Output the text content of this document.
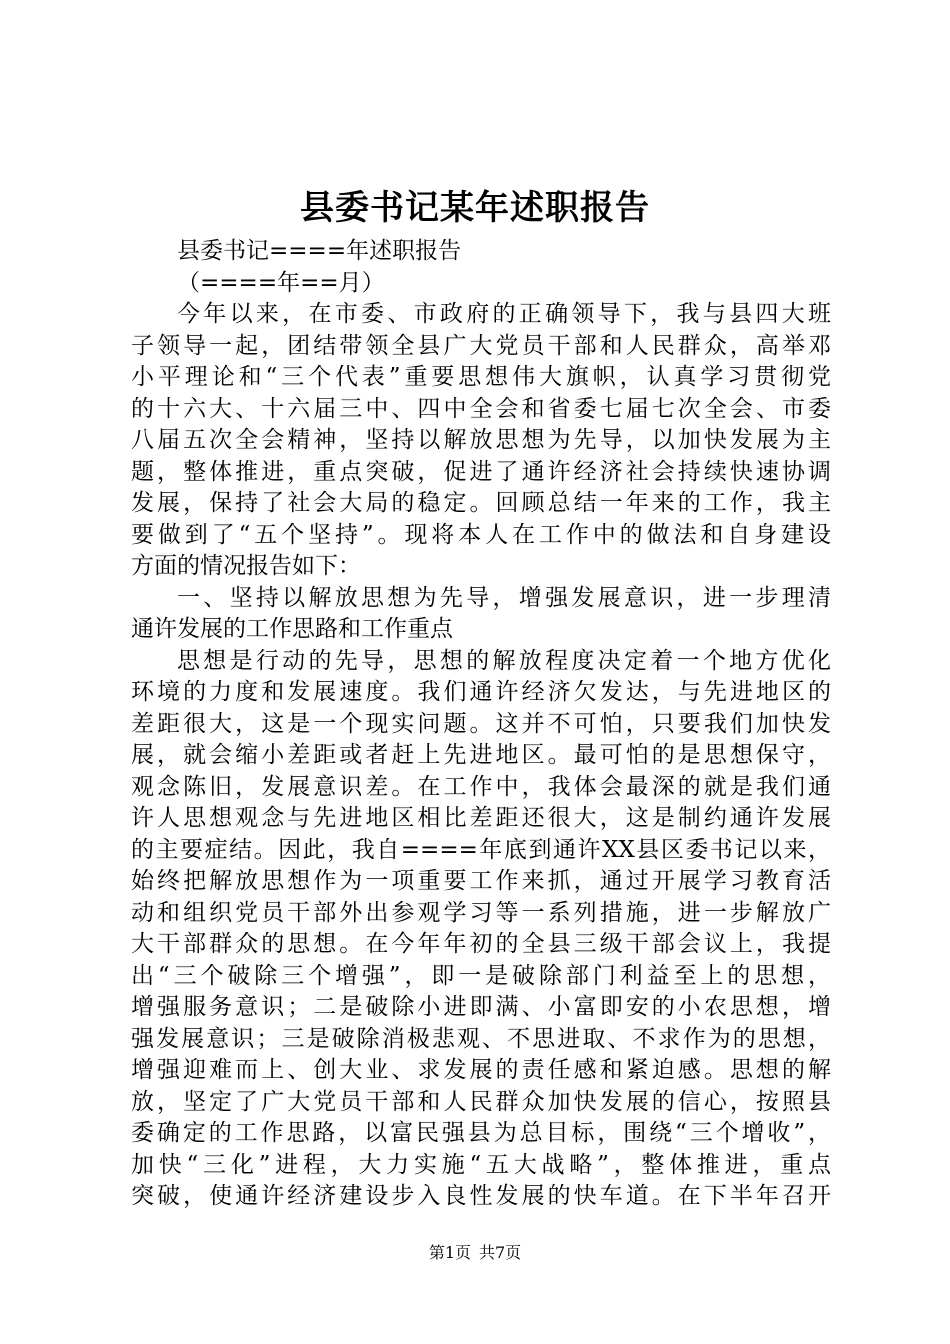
县委书记某年述职报告
县委书记====年述职报告
（====年==月）
今年以来，在市委、市政府的正确领导下，我与县四大班
子领导一起，团结带领全县广大党员干部和人民群众，高举邓
小平理论和“三个代表”重要思想伟大旗帜，认真学习贯彻党
的十六大、十六届三中、四中全会和省委七届七次全会、市委
八届五次全会精神，坚持以解放思想为先导，以加快发展为主
题，整体推进，重点突破，促进了通许经济社会持续快速协调
发展，保持了社会大局的稳定。回顾总结一年来的工作，我主
要做到了“五个坚持”。现将本人在工作中的做法和自身建设
方面的情况报告如下：
一、坚持以解放思想为先导，增强发展意识，进一步理清
通许发展的工作思路和工作重点
思想是行动的先导，思想的解放程度决定着一个地方优化
环境的力度和发展速度。我们通许经济欠发达，与先进地区的
差距很大，这是一个现实问题。这并不可怕，只要我们加快发
展，就会缩小差距或者赶上先进地区。最可怕的是思想保守，
观念陈旧，发展意识差。在工作中，我体会最深的就是我们通
许人思想观念与先进地区相比差距还很大，这是制约通许发展
的主要症结。因此，我自====年底到通许XX县区委书记以来，
始终把解放思想作为一项重要工作来抓，通过开展学习教育活
动和组织党员干部外出参观学习等一系列措施，进一步解放广
大干部群众的思想。在今年年初的全县三级干部会议上，我提
出“三个破除三个增强”，即一是破除部门利益至上的思想，
增强服务意识；二是破除小进即满、小富即安的小农思想，增
强发展意识；三是破除消极悲观、不思进取、不求作为的思想，
增强迎难而上、创大业、求发展的责任感和紧迫感。思想的解
放，坚定了广大党员干部和人民群众加快发展的信心，按照县
委确定的工作思路，以富民强县为总目标，围绕“三个增收”，
加快“三化”进程，大力实施“五大战略”，整体推进，重点
突破，使通许经济建设步入良性发展的快车道。在下半年召开
第1页 共7页
